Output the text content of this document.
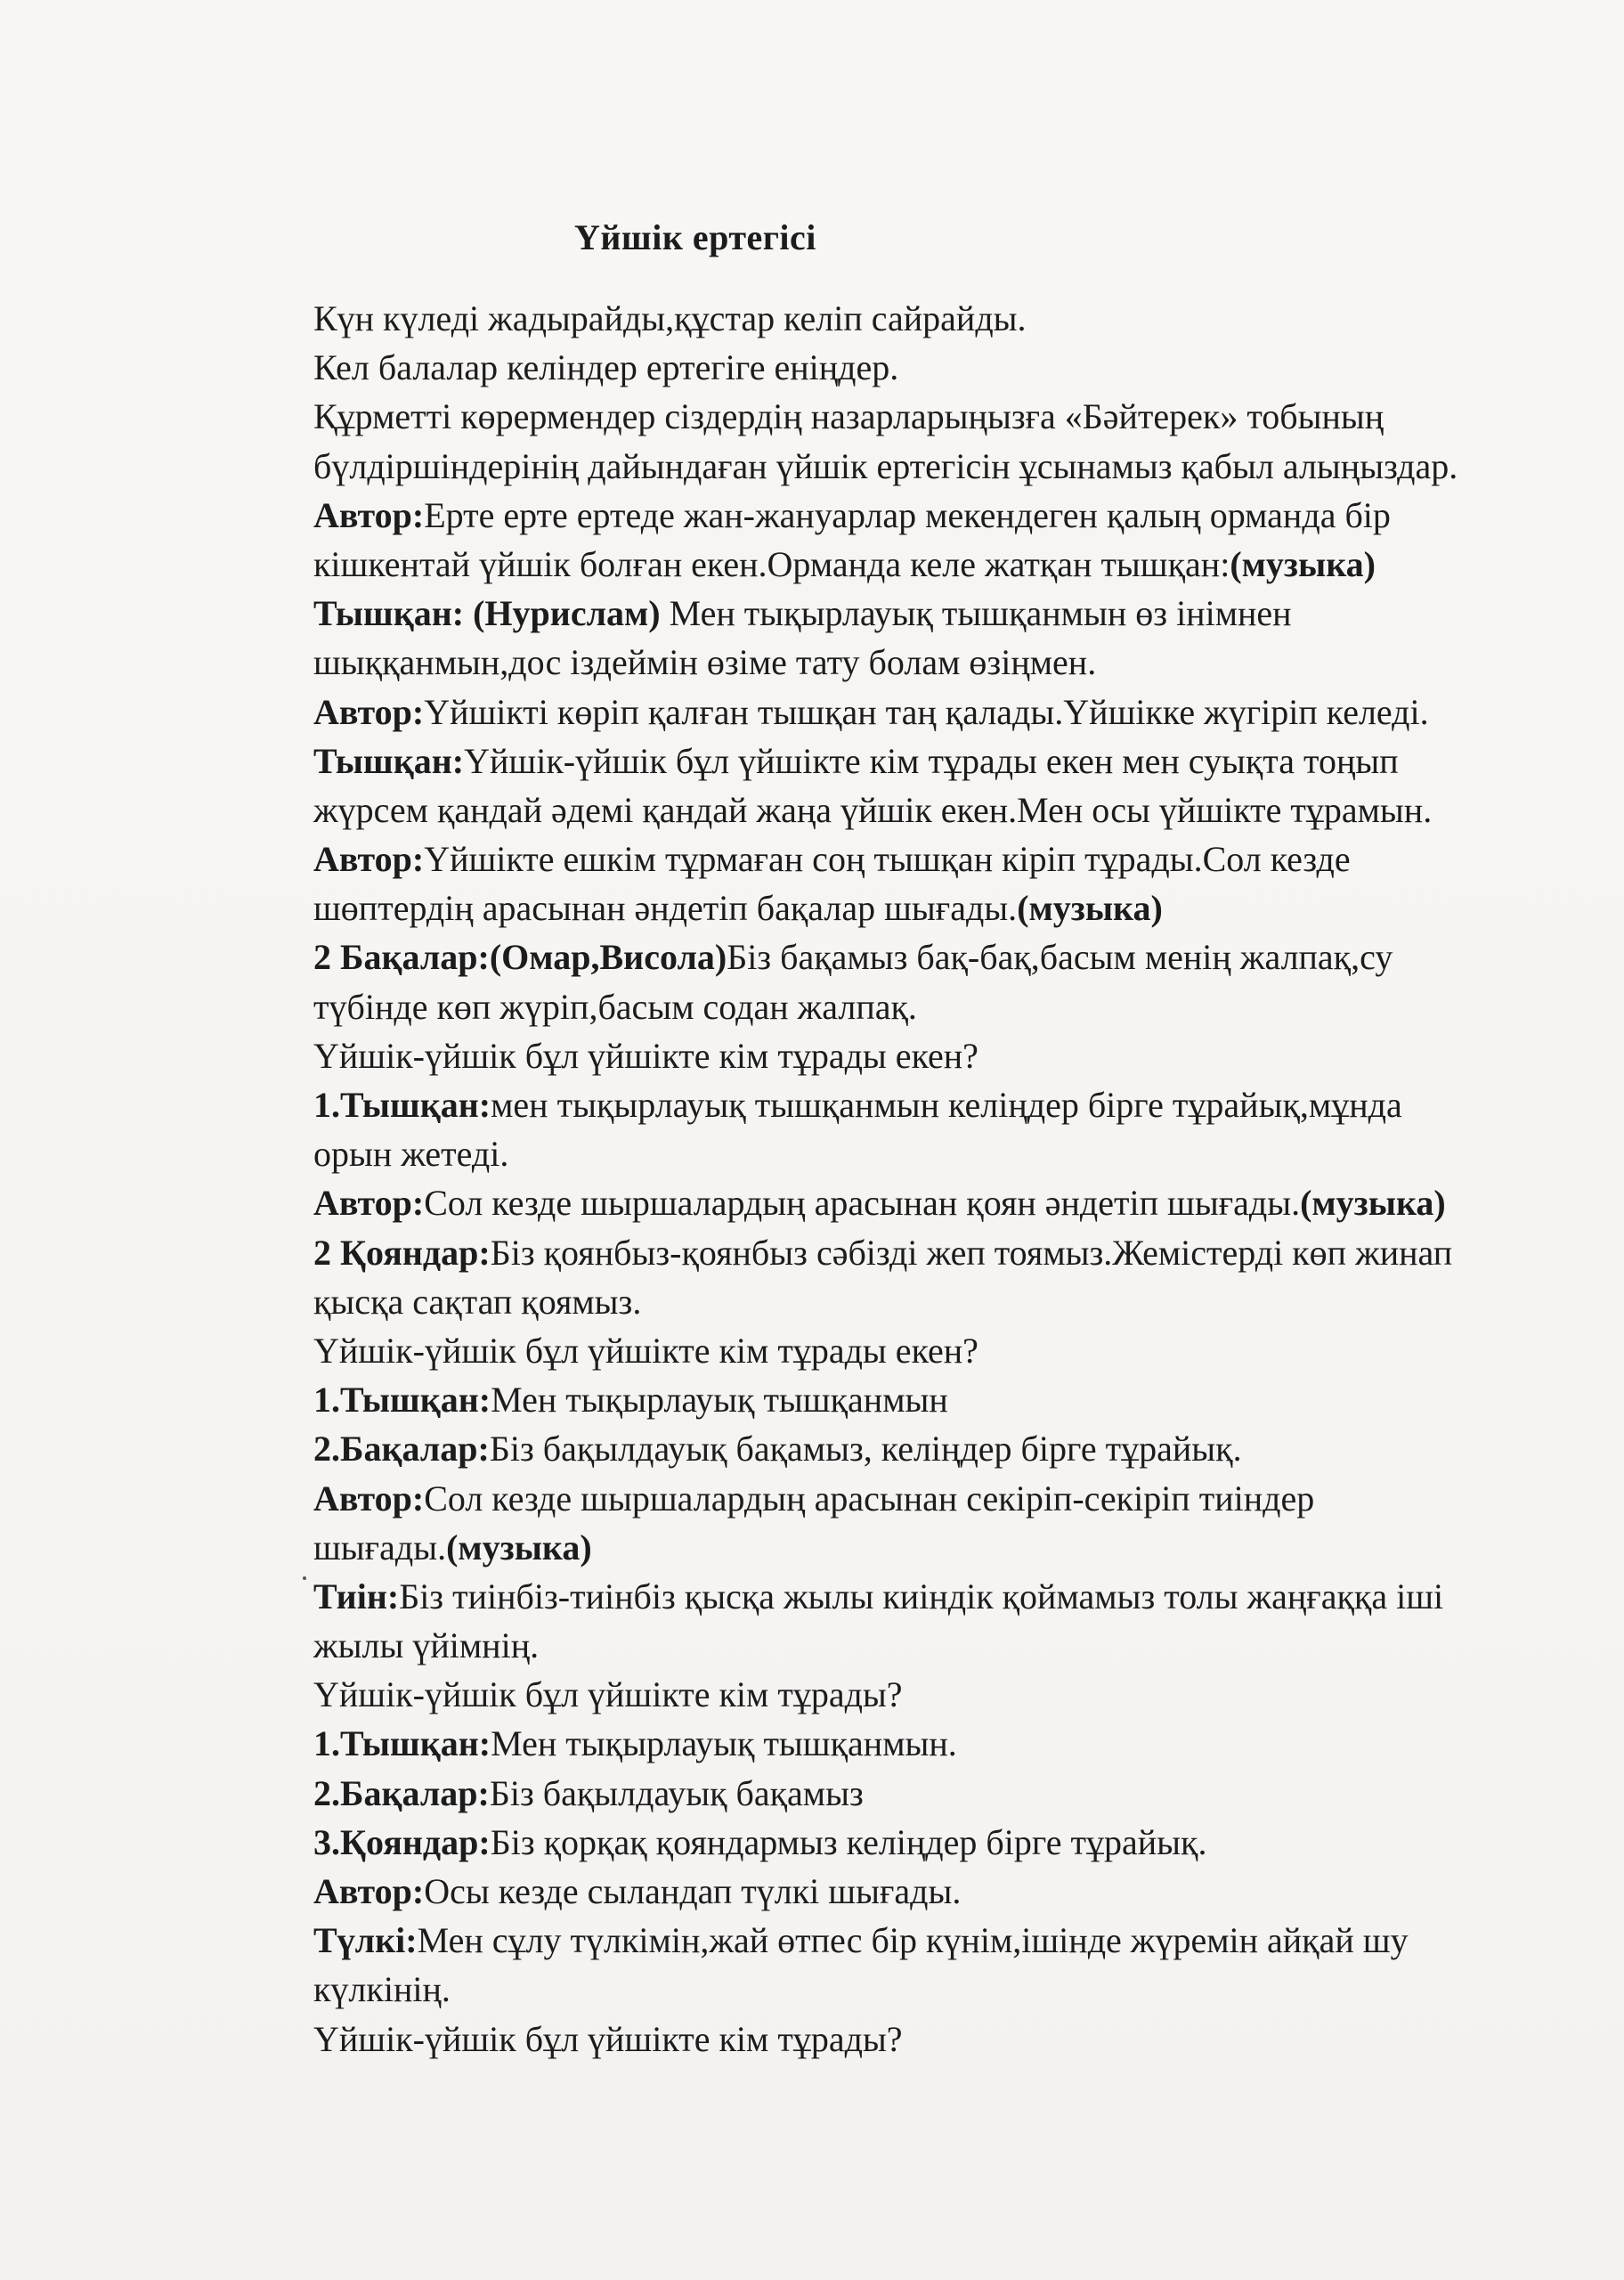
Үйшік ертегісі
Күн күледі жадырайды,құстар келіп сайрайды.
Кел балалар келіндер ертегіге еніңдер.
Құрметті көрермендер сіздердің назарларыңызға «Бәйтерек» тобының
бүлдіршіндерінің дайындаған үйшік ертегісін ұсынамыз қабыл алыңыздар.
Автор:Ерте ерте ертеде жан-жануарлар мекендеген қалың орманда бір
кішкентай үйшік болған екен.Орманда келе жатқан тышқан:(музыка)
Тышқан: (Нурислам) Мен тықырлауық тышқанмын өз інімнен
шыққанмын,дос іздеймін өзіме тату болам өзіңмен.
Автор:Үйшікті көріп қалған тышқан таң қалады.Үйшікке жүгіріп келеді.
Тышқан:Үйшік-үйшік бұл үйшікте кім тұрады екен мен суықта тоңып
жүрсем қандай әдемі қандай жаңа үйшік екен.Мен осы үйшікте тұрамын.
Автор:Үйшікте ешкім тұрмаған соң тышқан кіріп тұрады.Сол кезде
шөптердің арасынан әндетіп бақалар шығады.(музыка)
2 Бақалар:(Омар,Висола)Біз бақамыз бақ-бақ,басым менің жалпақ,су
түбінде көп жүріп,басым содан жалпақ.
Үйшік-үйшік бұл үйшікте кім тұрады екен?
1.Тышқан:мен тықырлауық тышқанмын келіңдер бірге тұрайық,мұнда
орын жетеді.
Автор:Сол кезде шыршалардың арасынан қоян әндетіп шығады.(музыка)
2 Қояндар:Біз қоянбыз-қоянбыз сәбізді жеп тоямыз.Жемістерді көп жинап
қысқа сақтап қоямыз.
Үйшік-үйшік бұл үйшікте кім тұрады екен?
1.Тышқан:Мен тықырлауық тышқанмын
2.Бақалар:Біз бақылдауық бақамыз, келіңдер бірге тұрайық.
Автор:Сол кезде шыршалардың арасынан секіріп-секіріп тиіндер
шығады.(музыка)
Тиін:Біз тиінбіз-тиінбіз қысқа жылы киіндік қоймамыз толы жаңғаққа іші
жылы үйімнің.
Үйшік-үйшік бұл үйшікте кім тұрады?
1.Тышқан:Мен тықырлауық тышқанмын.
2.Бақалар:Біз бақылдауық бақамыз
3.Қояндар:Біз қорқақ қояндармыз келіңдер бірге тұрайық.
Автор:Осы кезде сыландап түлкі шығады.
Түлкі:Мен сұлу түлкімін,жай өтпес бір күнім,ішінде жүремін айқай шу
күлкінің.
Үйшік-үйшік бұл үйшікте кім тұрады?
